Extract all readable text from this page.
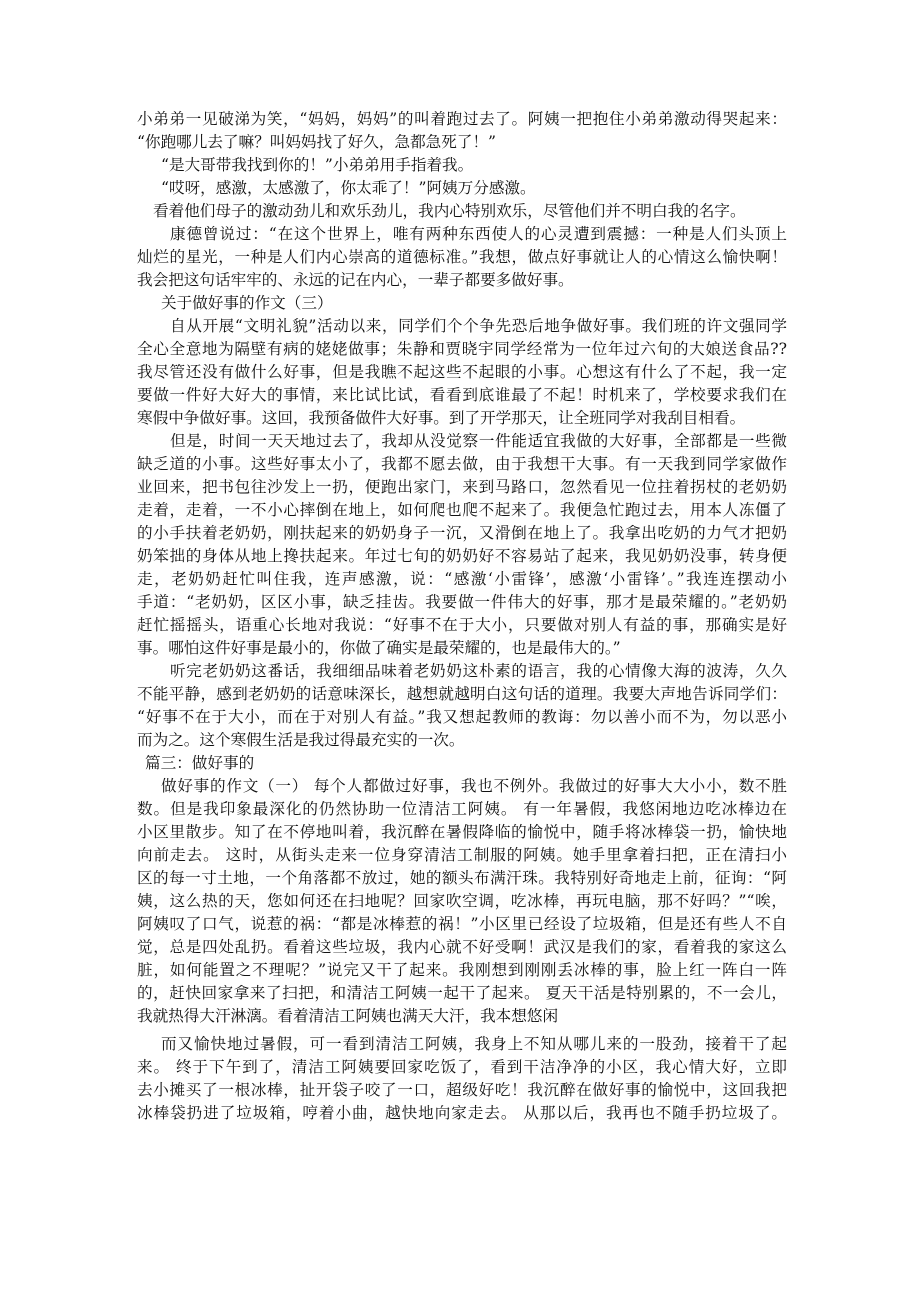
小弟弟一见破涕为笑，“妈妈，妈妈”的叫着跑过去了。阿姨一把抱住小弟弟激动得哭起来：
“你跑哪儿去了嘛？叫妈妈找了好久，急都急死了！”
“是大哥带我找到你的！”小弟弟用手指着我。
“哎呀，感激，太感激了，你太乖了！”阿姨万分感激。
看着他们母子的激动劲儿和欢乐劲儿，我内心特别欢乐，尽管他们并不明白我的名字。
康德曾说过：“在这个世界上，唯有两种东西使人的心灵遭到震撼：一种是人们头顶上
灿烂的星光，一种是人们内心崇高的道德标准。”我想，做点好事就让人的心情这么愉快啊！
我会把这句话牢牢的、永远的记在内心，一辈子都要多做好事。
关于做好事的作文（三）
自从开展“文明礼貌”活动以来，同学们个个争先恐后地争做好事。我们班的许文强同学
全心全意地为隔壁有病的姥姥做事；朱静和贾晓宇同学经常为一位年过六旬的大娘送食品??
我尽管还没有做什么好事，但是我瞧不起这些不起眼的小事。心想这有什么了不起，我一定
要做一件好大好大的事情，来比试比试，看看到底谁最了不起！时机来了，学校要求我们在
寒假中争做好事。这回，我预备做件大好事。到了开学那天，让全班同学对我刮目相看。
但是，时间一天天地过去了，我却从没觉察一件能适宜我做的大好事，全部都是一些微
缺乏道的小事。这些好事太小了，我都不愿去做，由于我想干大事。有一天我到同学家做作
业回来，把书包往沙发上一扔，便跑出家门，来到马路口，忽然看见一位拄着拐杖的老奶奶
走着，走着，一不小心摔倒在地上，如何爬也爬不起来了。我便急忙跑过去，用本人冻僵了
的小手扶着老奶奶，刚扶起来的奶奶身子一沉，又滑倒在地上了。我拿出吃奶的力气才把奶
奶笨拙的身体从地上搀扶起来。年过七旬的奶奶好不容易站了起来，我见奶奶没事，转身便
走，老奶奶赶忙叫住我，连声感激，说：“感激‘小雷锋’，感激‘小雷锋’。”我连连摆动小
手道：“老奶奶，区区小事，缺乏挂齿。我要做一件伟大的好事，那才是最荣耀的。”老奶奶
赶忙摇摇头，语重心长地对我说：“好事不在于大小，只要做对别人有益的事，那确实是好
事。哪怕这件好事是最小的，你做了确实是最荣耀的，也是最伟大的。”
听完老奶奶这番话，我细细品味着老奶奶这朴素的语言，我的心情像大海的波涛，久久
不能平静，感到老奶奶的话意味深长，越想就越明白这句话的道理。我要大声地告诉同学们：
“好事不在于大小，而在于对别人有益。”我又想起教师的教诲：勿以善小而不为，勿以恶小
而为之。这个寒假生活是我过得最充实的一次。
篇三：做好事的
做好事的作文（一） 每个人都做过好事，我也不例外。我做过的好事大大小小，数不胜
数。但是我印象最深化的仍然协助一位清洁工阿姨。 有一年暑假，我悠闲地边吃冰棒边在
小区里散步。知了在不停地叫着，我沉醉在暑假降临的愉悦中，随手将冰棒袋一扔，愉快地
向前走去。 这时，从街头走来一位身穿清洁工制服的阿姨。她手里拿着扫把，正在清扫小
区的每一寸土地，一个角落都不放过，她的额头布满汗珠。我特别好奇地走上前，征询：“阿
姨，这么热的天，您如何还在扫地呢？回家吹空调，吃冰棒，再玩电脑，那不好吗？”“唉，
阿姨叹了口气，说惹的祸：“都是冰棒惹的祸！”小区里已经设了垃圾箱，但是还有些人不自
觉，总是四处乱扔。看着这些垃圾，我内心就不好受啊！武汉是我们的家，看着我的家这么
脏，如何能置之不理呢？”说完又干了起来。我刚想到刚刚丢冰棒的事，脸上红一阵白一阵
的，赶快回家拿来了扫把，和清洁工阿姨一起干了起来。 夏天干活是特别累的，不一会儿，
我就热得大汗淋漓。看着清洁工阿姨也满天大汗，我本想悠闲
而又愉快地过暑假，可一看到清洁工阿姨，我身上不知从哪儿来的一股劲，接着干了起
来。 终于下午到了，清洁工阿姨要回家吃饭了，看到干洁净净的小区，我心情大好，立即
去小摊买了一根冰棒，扯开袋子咬了一口，超级好吃！我沉醉在做好事的愉悦中，这回我把
冰棒袋扔进了垃圾箱，哼着小曲，越快地向家走去。 从那以后，我再也不随手扔垃圾了。
